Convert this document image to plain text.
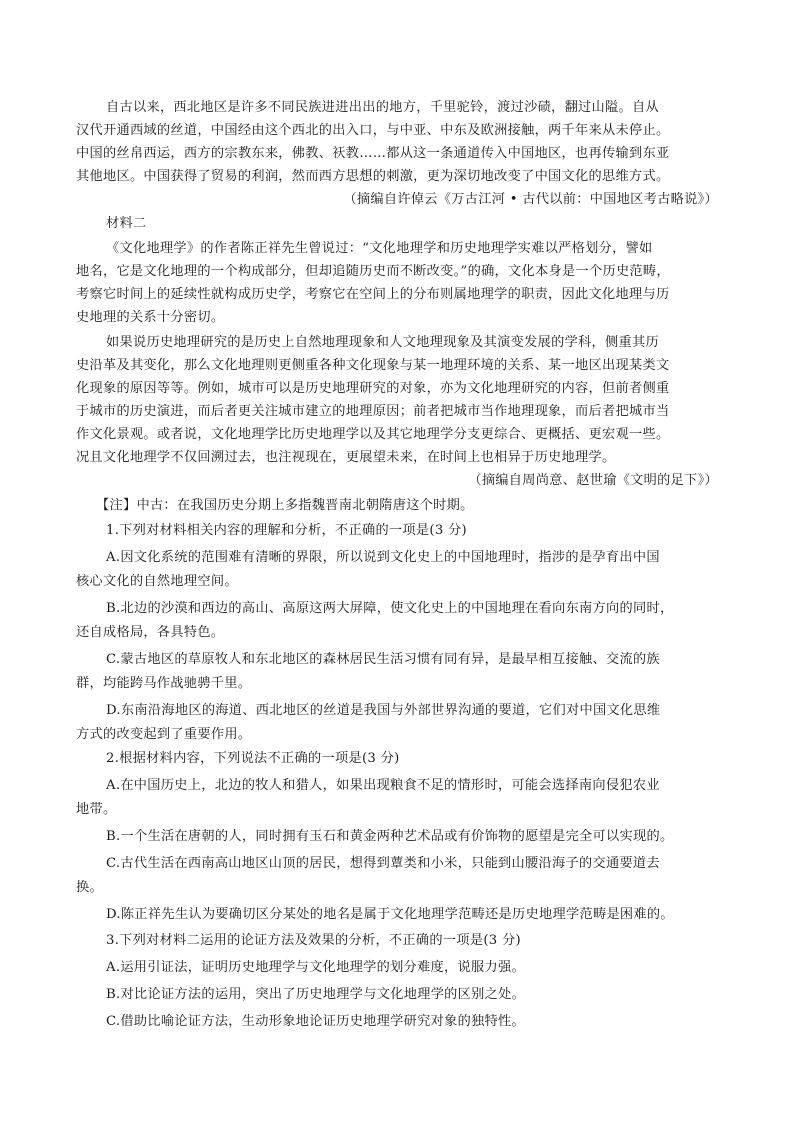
自古以来，西北地区是许多不同民族进进出出的地方，千里驼铃，渡过沙碛，翻过山隘。自从
汉代开通西域的丝道，中国经由这个西北的出入口，与中亚、中东及欧洲接触，两千年来从未停止。
中国的丝帛西运，西方的宗教东来，佛教、祆教……都从这一条通道传入中国地区，也再传输到东亚
其他地区。中国获得了贸易的利润，然而西方思想的刺激，更为深切地改变了中国文化的思维方式。
（摘编自许倬云《万古江河 • 古代以前：中国地区考古略说》）
材料二
《文化地理学》的作者陈正祥先生曾说过：“文化地理学和历史地理学实难以严格划分，譬如
地名，它是文化地理的一个构成部分，但却追随历史而不断改变。”的确，文化本身是一个历史范畴，
考察它时间上的延续性就构成历史学，考察它在空间上的分布则属地理学的职责，因此文化地理与历
史地理的关系十分密切。
如果说历史地理研究的是历史上自然地理现象和人文地理现象及其演变发展的学科，侧重其历
史沿革及其变化，那么文化地理则更侧重各种文化现象与某一地理环境的关系、某一地区出现某类文
化现象的原因等等。例如，城市可以是历史地理研究的对象，亦为文化地理研究的内容，但前者侧重
于城市的历史演进，而后者更关注城市建立的地理原因；前者把城市当作地理现象，而后者把城市当
作文化景观。或者说，文化地理学比历史地理学以及其它地理学分支更综合、更概括、更宏观一些。
况且文化地理学不仅回溯过去，也注视现在，更展望未来，在时间上也相异于历史地理学。
（摘编自周尚意、赵世瑜《文明的足下》）
【注】中古：在我国历史分期上多指魏晋南北朝隋唐这个时期。
1.下列对材料相关内容的理解和分析，不正确的一项是(3 分)
A.因文化系统的范围难有清晰的界限，所以说到文化史上的中国地理时，指涉的是孕育出中国
核心文化的自然地理空间。
B.北边的沙漠和西边的高山、高原这两大屏障，使文化史上的中国地理在看向东南方向的同时，
还自成格局，各具特色。
C.蒙古地区的草原牧人和东北地区的森林居民生活习惯有同有异，是最早相互接触、交流的族
群，均能跨马作战驰骋千里。
D.东南沿海地区的海道、西北地区的丝道是我国与外部世界沟通的要道，它们对中国文化思维
方式的改变起到了重要作用。
2.根据材料内容，下列说法不正确的一项是(3 分)
A.在中国历史上，北边的牧人和猎人，如果出现粮食不足的情形时，可能会选择南向侵犯农业
地带。
B.一个生活在唐朝的人，同时拥有玉石和黄金两种艺术品或有价饰物的愿望是完全可以实现的。
C.古代生活在西南高山地区山顶的居民，想得到蕈类和小米，只能到山腰沿海子的交通要道去
换。
D.陈正祥先生认为要确切区分某处的地名是属于文化地理学范畴还是历史地理学范畴是困难的。
3.下列对材料二运用的论证方法及效果的分析，不正确的一项是(3 分)
A.运用引证法，证明历史地理学与文化地理学的划分难度，说服力强。
B.对比论证方法的运用，突出了历史地理学与文化地理学的区别之处。
C.借助比喻论证方法，生动形象地论证历史地理学研究对象的独特性。
